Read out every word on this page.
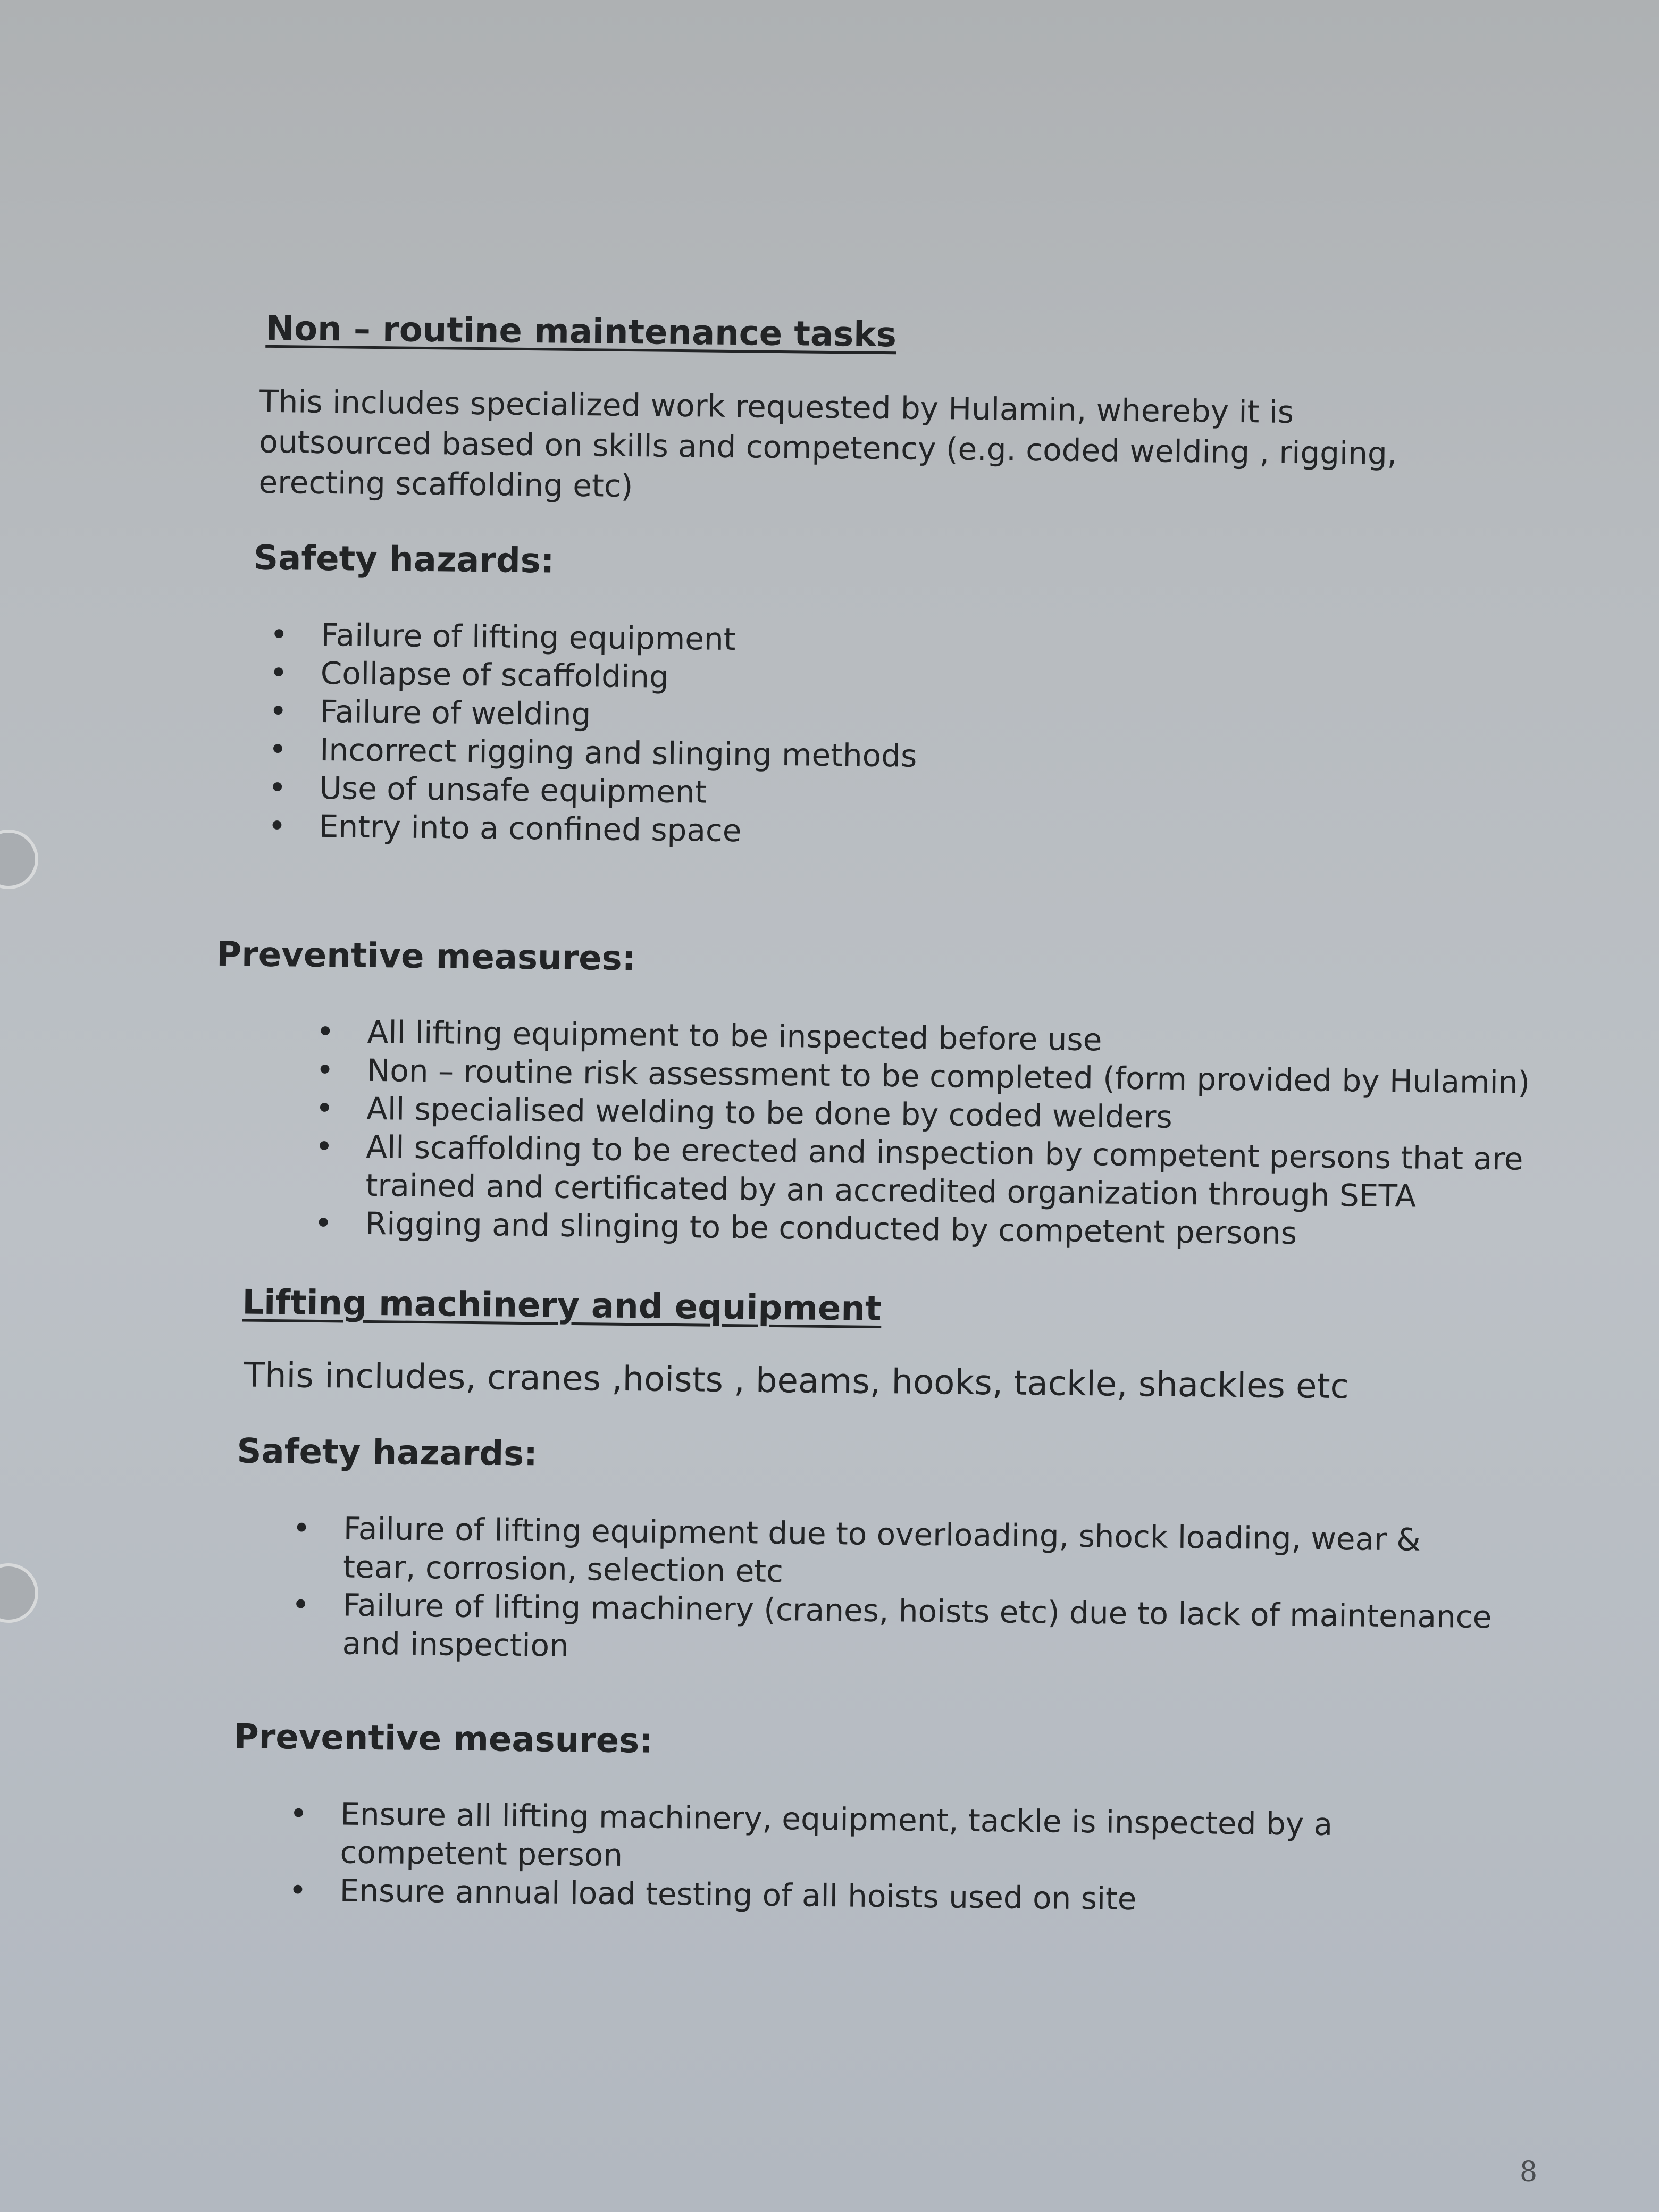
Non – routine maintenance tasks
This includes specialized work requested by Hulamin, whereby it is outsourced based on skills and competency (e.g. coded welding , rigging, erecting scaffolding etc)
Safety hazards:
• Failure of lifting equipment
• Collapse of scaffolding
• Failure of welding
• Incorrect rigging and slinging methods
• Use of unsafe equipment
• Entry into a confined space
Preventive measures:
• All lifting equipment to be inspected before use
• Non – routine risk assessment to be completed (form provided by Hulamin)
• All specialised welding to be done by coded welders
• All scaffolding to be erected and inspection by competent persons that are trained and certificated by an accredited organization through SETA
• Rigging and slinging to be conducted by competent persons
Lifting machinery and equipment
This includes, cranes ,hoists , beams, hooks, tackle, shackles etc
Safety hazards:
• Failure of lifting equipment due to overloading, shock loading, wear & tear, corrosion, selection etc
• Failure of lifting machinery (cranes, hoists etc) due to lack of maintenance and inspection
Preventive measures:
• Ensure all lifting machinery, equipment, tackle is inspected by a competent person
• Ensure annual load testing of all hoists used on site
8
